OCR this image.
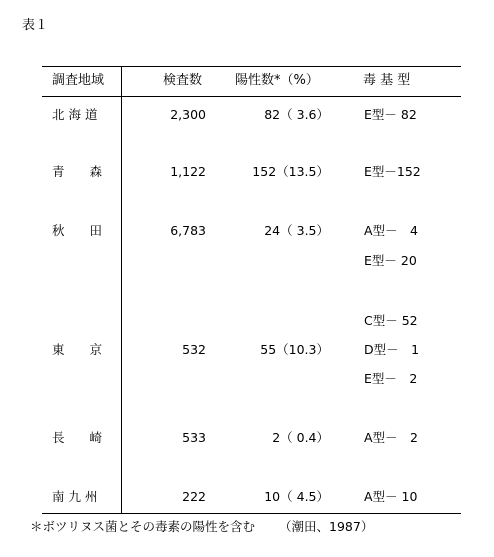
表１
調査地域	検査数	陽性数*（%）	毒 基 型
北 海 道	2,300	82（ 3.6）	E型－ 82
青　　森	1,122	152（13.5）	E型－152
秋　　田	6,783	24（ 3.5）	A型－　4
E型－ 20
東　　京	532	55（10.3）
C型－ 52
D型－　1
E型－　2
長　　崎	533	2（ 0.4）	A型－　2
南 九 州	222	10（ 4.5）	A型－ 10
＊ボツリヌス菌とその毒素の陽性を含む （潮田、1987）
